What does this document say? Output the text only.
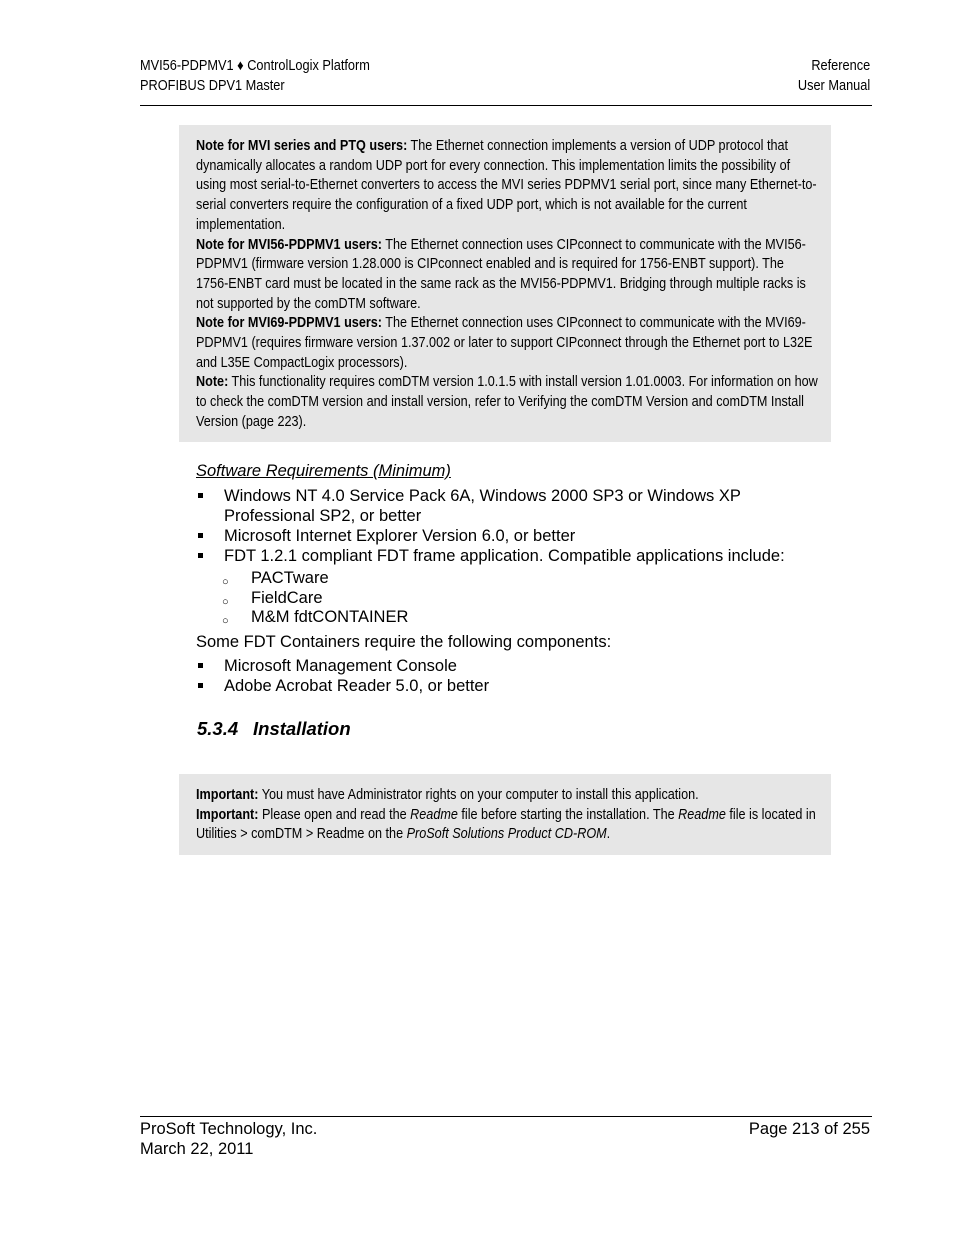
MVI56-PDPMV1 ♦ ControlLogix Platform
PROFIBUS DPV1 Master
Reference
User Manual

Note for MVI series and PTQ users: The Ethernet connection implements a version of UDP protocol that dynamically allocates a random UDP port for every connection. This implementation limits the possibility of using most serial-to-Ethernet converters to access the MVI series PDPMV1 serial port, since many Ethernet-to-serial converters require the configuration of a fixed UDP port, which is not available for the current implementation.

Note for MVI56-PDPMV1 users: The Ethernet connection uses CIPconnect to communicate with the MVI56-PDPMV1 (firmware version 1.28.000 is CIPconnect enabled and is required for 1756-ENBT support). The 1756-ENBT card must be located in the same rack as the MVI56-PDPMV1. Bridging through multiple racks is not supported by the comDTM software.

Note for MVI69-PDPMV1 users: The Ethernet connection uses CIPconnect to communicate with the MVI69-PDPMV1 (requires firmware version 1.37.002 or later to support CIPconnect through the Ethernet port to L32E and L35E CompactLogix processors).

Note: This functionality requires comDTM version 1.0.1.5 with install version 1.01.0003. For information on how to check the comDTM version and install version, refer to Verifying the comDTM Version and comDTM Install Version (page 223).

Software Requirements (Minimum)
Windows NT 4.0 Service Pack 6A, Windows 2000 SP3 or Windows XP Professional SP2, or better
Microsoft Internet Explorer Version 6.0, or better
FDT 1.2.1 compliant FDT frame application. Compatible applications include:
○ PACTware
○ FieldCare
○ M&M fdtCONTAINER
Some FDT Containers require the following components:
Microsoft Management Console
Adobe Acrobat Reader 5.0, or better
5.3.4 Installation

Important: You must have Administrator rights on your computer to install this application.

Important: Please open and read the Readme file before starting the installation. The Readme file is located in Utilities > comDTM > Readme on the ProSoft Solutions Product CD-ROM.

ProSoft Technology, Inc.
March 22, 2011
Page 213 of 255
